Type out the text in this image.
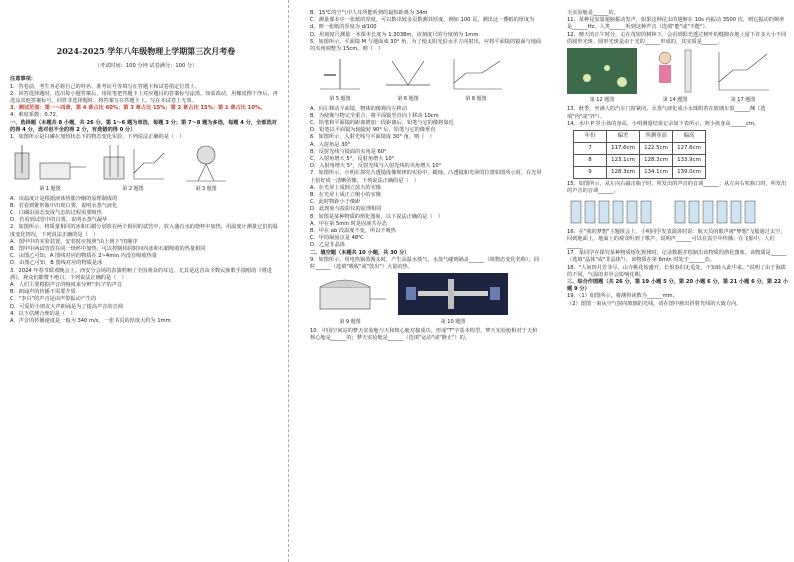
2024-2025 学年八年级物理上学期第三次月考卷
（考试时间：100 分钟 试卷满分：100 分）

注意事项：

1．答卷前，考生务必将自己的姓名、准考证号等填写在答题卡和试卷指定位置上。

2．回答选择题时，选出每小题答案后，用铅笔把答题卡上对应题目的答案标号涂黑。如需改动，用橡皮擦干净后，再选涂其他答案标号。回答非选择题时，将答案写在答题卡上。写在本试卷上无效。

3．测试范围：第一～四章，第 4 章占比 60%；第 3 章占比 15%；第 2 章占比 15%；第 1 章占比 10%。

4．难度系数：0.72。

一、选择题（本题共 8 小题，共 26 分。第 1～6 题为单选，每题 3 分；第 7～8 题为多选，每题 4 分，全部选对的得 4 分，选对但不全的得 2 分，有选错的得 0 分）

1．如图所示是白磷在加热状态下的物态变化实验，下列说法正确的是（　）

第 1 题图	第 2 题图	第 3 题图

A．该温度计是根据液体热胀冷缩的原理制成的

B．若看到锥形瓶中出现白雾，说明水蒸气液化

C．白磷由固态变成气态的过程需要吸热

D．若看到试管中的白雾，说明水蒸气凝华

2．如图所示，将质量相同的冰和石蜡分别放在两个相同的试管中，放入盛有水的烧杯中加热，用温度计测量它们的温度变化情况，下列说法正确的是（　）

A．图甲中的实验装置，安装时应按照"由上到下"的顺序

B．图甲中两试管放在同一烧杯中加热，可以控制相同时间内冰和石蜡吸收的热量相同

C．由图乙可知，A 图线对应的物质在 2~4min 内没有吸收热量

D．由图乙可知，B 图线对应的物质是冰

3．2024 年春节联欢晚会上，西安分会场的表演唱响了全国观众的耳边，尤其是这首由少数民族歌手演唱的《将进酒》，观众们都赞不绝口。下列说法正确的是（　）

A．人们主要根据声音的响度来分辨"李白"的声音

B．朗诵声的传播不需要介质

C．"李白"的声音是由声带振动产生的

D．可爱的小朋友大声朗诵是为了提高声音的音调

4．以下估测合理的是（　）

A．声音的传播速度是一般为 340 m/s，一张书页的厚度大约为 1mm

B．15℃的空气中人耳所能听到的最短距离为 34m

C．测量课本中一张纸的厚度，可以数出较多页数测其厚度，例如 100 页，测出这一叠纸的厚度为 d，则一张纸的厚度为 d/100

D．用刻度尺测量一本课本长度为 1.3038m，该刻度尺的分度值为 1mm

5．如图所示，平面镜 M 与地面成 30° 角，为了使太阳光沿水平方向射出，应将平面镜的镜面与地面的夹角调整为 15cm。则（　）

第 5 题图	第 6 题图	第 8 题图

A．向左移动平面镜，物体的像将向左移动

B．为使像与物完全重合，将平面镜竖直向上移动 10cm

C．铅笔和平面镜的距离增加一段距离后，铅笔与它的像将靠近

D．铅笔以平面镜为轴旋转 90° 后，铅笔与它的像垂直

6．如图所示，入射光线与平面镜成 30° 角，则（　）

A．入射角是 30°

B．反射光线与镜面的夹角是 60°

C．入射角增大 5°，反射角增大 10°

D．入射角增大 5°，反射光线与入射光线的夹角增大 10°

7．如图所示，小明在探究凸透镜成像规律的实验中，蜡烛、凸透镜和光屏的位置如图所示时，在光屏上恰好成一清晰的像，下列说法正确的是（　）

A．在光屏上成倒立放大的实像

B．在光屏上成正立缩小的实像

C．此时物距小于像距

D．此现象与投影仪的原理相同

8．如图是某种物质的熔化图象，以下说法正确的是（　）

A．甲在第 5min 时是固液共存态

B．甲在 ab 段温度不变，所以不吸热

C．甲的凝固点是 48℃

D．乙是非晶体

二、填空题（本题共 10 小题，共 30 分）

9．如图所示，用电热锅蒸馒头时，产生高温水蒸气，水蒸气碰到锅盖______（填物态变化名称），同时______（选填"吸收"或"放出"）大量的热。

第 9 题图	第 10 题图

10．中国空间站的梦天实验舱与天和核心舱对接成功，形成"T"字基本构型，梦天实验舱相对于天和核心舱是______的；梦天实验舱是______（选填"运动"或"静止"）的。

天实验舱是______的。

11．某种昆虫靠翅膀振动发声，如果这种昆虫的翅膀在 10s 内振动 3500 次，则它振动的频率是______Hz，人类______听到这种声音（选填"能"或"不能"）。

12．晴天的正午时分，走在茂密的树林下，会看到阳光透过树叶的缝隙在地上留下许多大小不同的圆形光斑。圆形光斑是由于光的______形成的，其实质是______。

第 12 题图	第 14 题图	第 17 题图

13．秋季，坐满人的汽车门窗紧闭，水蒸气液化成小水珠附着在玻璃车窗______侧（选填"内"或"外"）。

14．水中 P 岁小孩的身高，小明测量结果记录如下表所示，则小孩身高______cm。

年份	偏差	所测身高	偏高
7	117.6cm	122.5cm	127.6cm
8	123.1cm	128.3cm	133.9cm
9	128.3cm	134.1cm	139.0cm

15．如图所示，从左向右敲击瓶子时，所发出的声音的音调______；从左向右吹瓶口时，所发出的声音的音调______。

16．在"我的梦想"主题班会上，小明同学发表演讲时说：航天员的歌声被"梦想"飞船通过太空，回到地面上，地面上的观众听到了歌声，说明声______可以在真空中传播；在飞船中，人们______

17．某同学在探究某种物质熔化规律时，记录数据并绘制出该物质的熔化图象，该物质是______（选填"晶体"或"非晶体"），该物质在第 6min 时处于______态。

18．"人间四月芳菲尽，山寺桃花始盛开。长恨春归无觅处，不知转入此中来。"说明了由于海拔的不同，气温的差异会影响花期。

三、综合作图题（共 26 分，第 19 小题 5 分，第 20 小题 6 分，第 21 小题 6 分，第 22 小题 9 分）

19．（1）如图所示，将测得读数为______mm。

（2）图图一束从空气射向玻璃的光线，请在图中画出折射光线的大致方向。
